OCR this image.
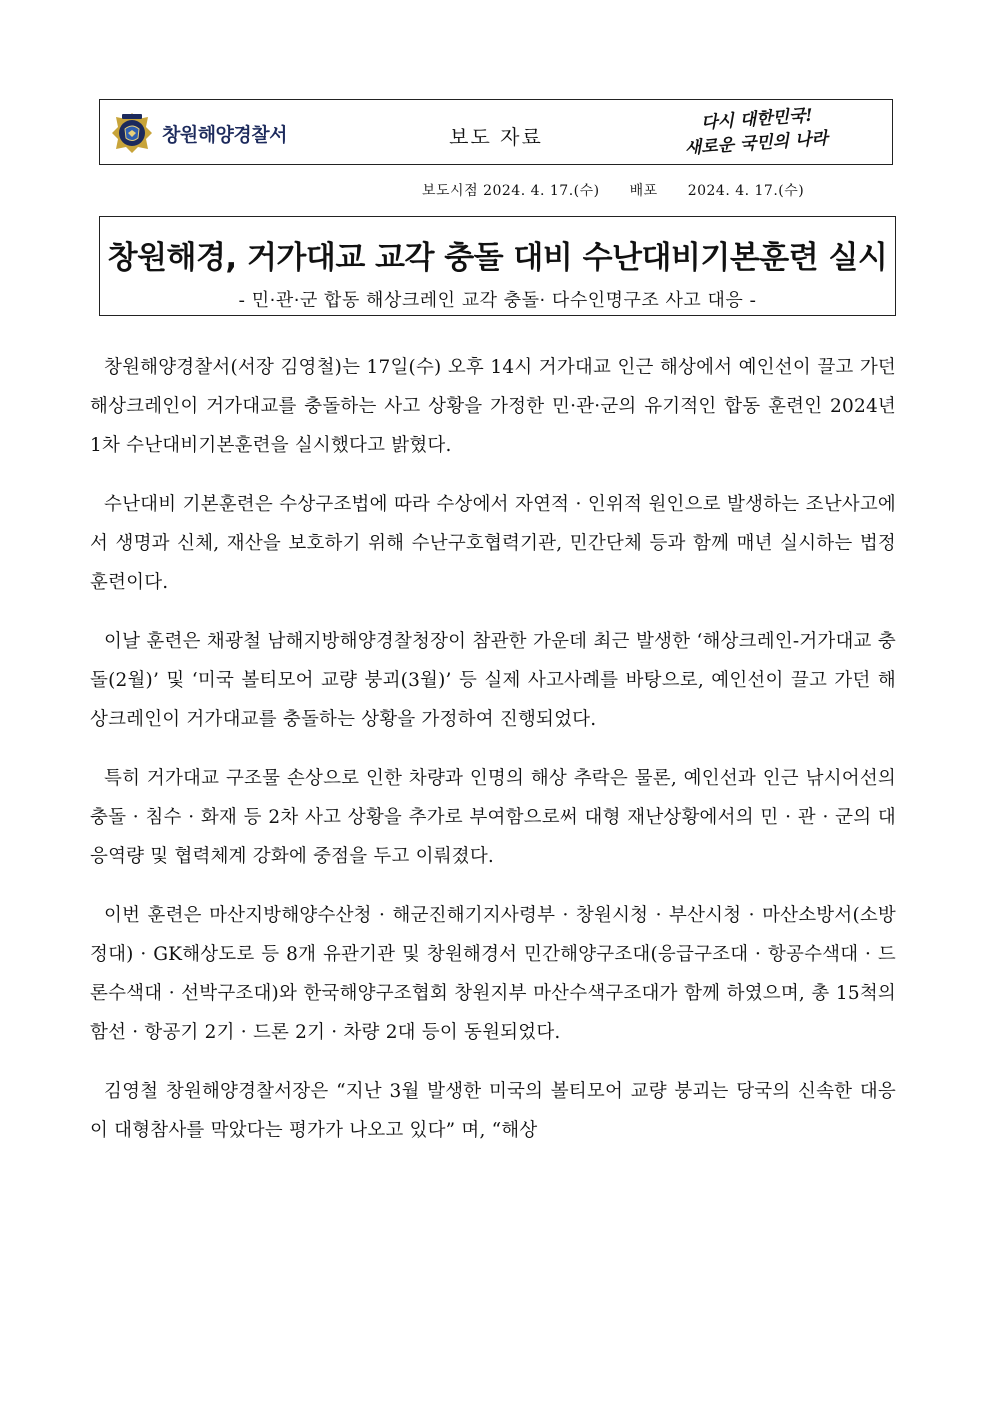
창원해양경찰서	보도 자료
다시 대한민국!
새로운 국민의 나라
보도시점 2024. 4. 17.(수) 배포 2024. 4. 17.(수)
창원해경, 거가대교 교각 충돌 대비 수난대비기본훈련 실시
- 민·관·군 합동 해상크레인 교각 충돌· 다수인명구조 사고 대응 -

창원해양경찰서(서장 김영철)는 17일(수) 오후 14시 거가대교 인근 해상에서 예인선이 끌고 가던 해상크레인이 거가대교를 충돌하는 사고 상황을 가정한 민·관·군의 유기적인 합동 훈련인 2024년 1차 수난대비기본훈련을 실시했다고 밝혔다.

수난대비 기본훈련은 수상구조법에 따라 수상에서 자연적 · 인위적 원인으로 발생하는 조난사고에서 생명과 신체, 재산을 보호하기 위해 수난구호협력기관, 민간단체 등과 함께 매년 실시하는 법정훈련이다.

이날 훈련은 채광철 남해지방해양경찰청장이 참관한 가운데 최근 발생한 ‘해상크레인-거가대교 충돌(2월)’ 및 ‘미국 볼티모어 교량 붕괴(3월)’ 등 실제 사고사례를 바탕으로, 예인선이 끌고 가던 해상크레인이 거가대교를 충돌하는 상황을 가정하여 진행되었다.

특히 거가대교 구조물 손상으로 인한 차량과 인명의 해상 추락은 물론, 예인선과 인근 낚시어선의 충돌 · 침수 · 화재 등 2차 사고 상황을 추가로 부여함으로써 대형 재난상황에서의 민 · 관 · 군의 대응역량 및 협력체계 강화에 중점을 두고 이뤄졌다.

이번 훈련은 마산지방해양수산청 · 해군진해기지사령부 · 창원시청 · 부산시청 · 마산소방서(소방정대) · GK해상도로 등 8개 유관기관 및 창원해경서 민간해양구조대(응급구조대 · 항공수색대 · 드론수색대 · 선박구조대)와 한국해양구조협회 창원지부 마산수색구조대가 함께 하였으며, 총 15척의 함선 · 항공기 2기 · 드론 2기 · 차량 2대 등이 동원되었다.

김영철 창원해양경찰서장은 “지난 3월 발생한 미국의 볼티모어 교량 붕괴는 당국의 신속한 대응이 대형참사를 막았다는 평가가 나오고 있다” 며, “해상
